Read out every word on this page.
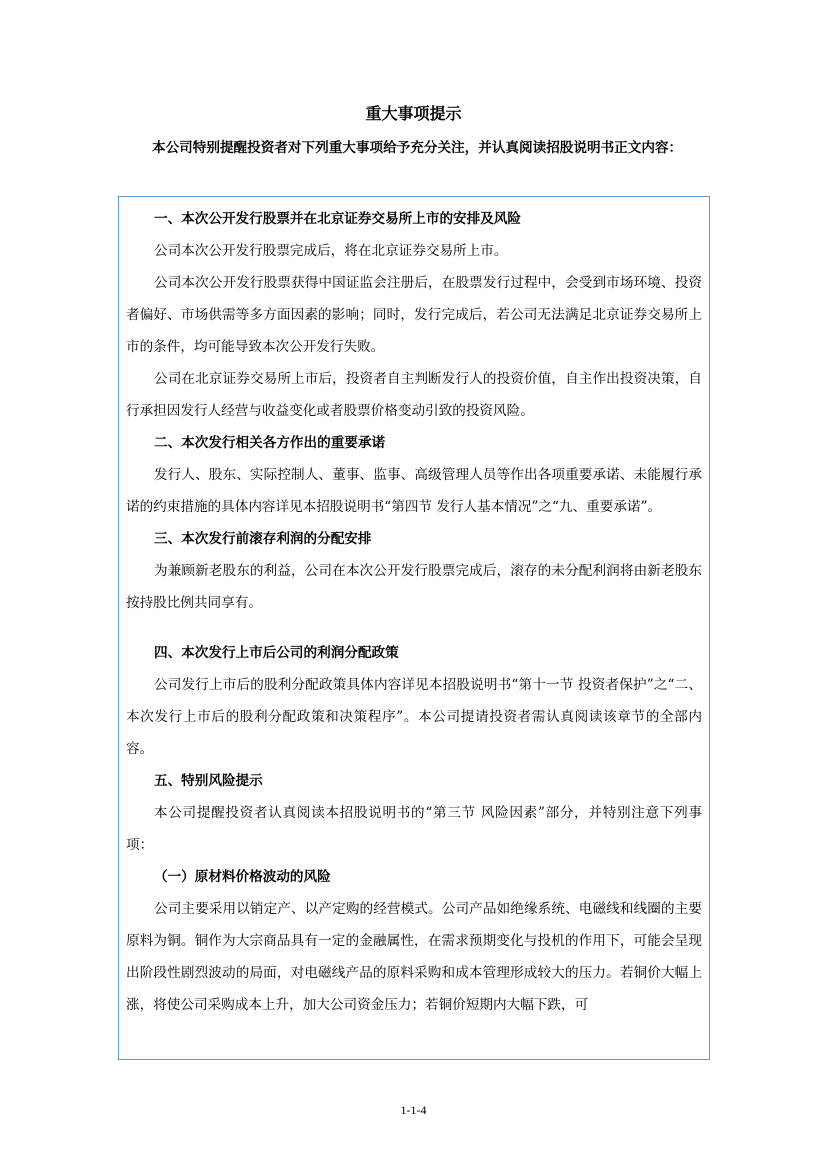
重大事项提示
本公司特别提醒投资者对下列重大事项给予充分关注，并认真阅读招股说明书正文内容：
一、本次公开发行股票并在北京证券交易所上市的安排及风险

公司本次公开发行股票完成后，将在北京证券交易所上市。

公司本次公开发行股票获得中国证监会注册后，在股票发行过程中，会受到市场环境、投资者偏好、市场供需等多方面因素的影响；同时，发行完成后，若公司无法满足北京证券交易所上市的条件，均可能导致本次公开发行失败。

公司在北京证券交易所上市后，投资者自主判断发行人的投资价值，自主作出投资决策，自行承担因发行人经营与收益变化或者股票价格变动引致的投资风险。

二、本次发行相关各方作出的重要承诺

发行人、股东、实际控制人、董事、监事、高级管理人员等作出各项重要承诺、未能履行承诺的约束措施的具体内容详见本招股说明书“第四节 发行人基本情况”之“九、重要承诺”。

三、本次发行前滚存利润的分配安排

为兼顾新老股东的利益，公司在本次公开发行股票完成后，滚存的未分配利润将由新老股东按持股比例共同享有。

四、本次发行上市后公司的利润分配政策

公司发行上市后的股利分配政策具体内容详见本招股说明书“第十一节 投资者保护”之“二、本次发行上市后的股利分配政策和决策程序”。本公司提请投资者需认真阅读该章节的全部内容。

五、特别风险提示

本公司提醒投资者认真阅读本招股说明书的“第三节 风险因素”部分，并特别注意下列事项：

（一）原材料价格波动的风险

公司主要采用以销定产、以产定购的经营模式。公司产品如绝缘系统、电磁线和线圈的主要原料为铜。铜作为大宗商品具有一定的金融属性，在需求预期变化与投机的作用下，可能会呈现出阶段性剧烈波动的局面，对电磁线产品的原料采购和成本管理形成较大的压力。若铜价大幅上涨，将使公司采购成本上升，加大公司资金压力；若铜价短期内大幅下跌，可

1-1-4
